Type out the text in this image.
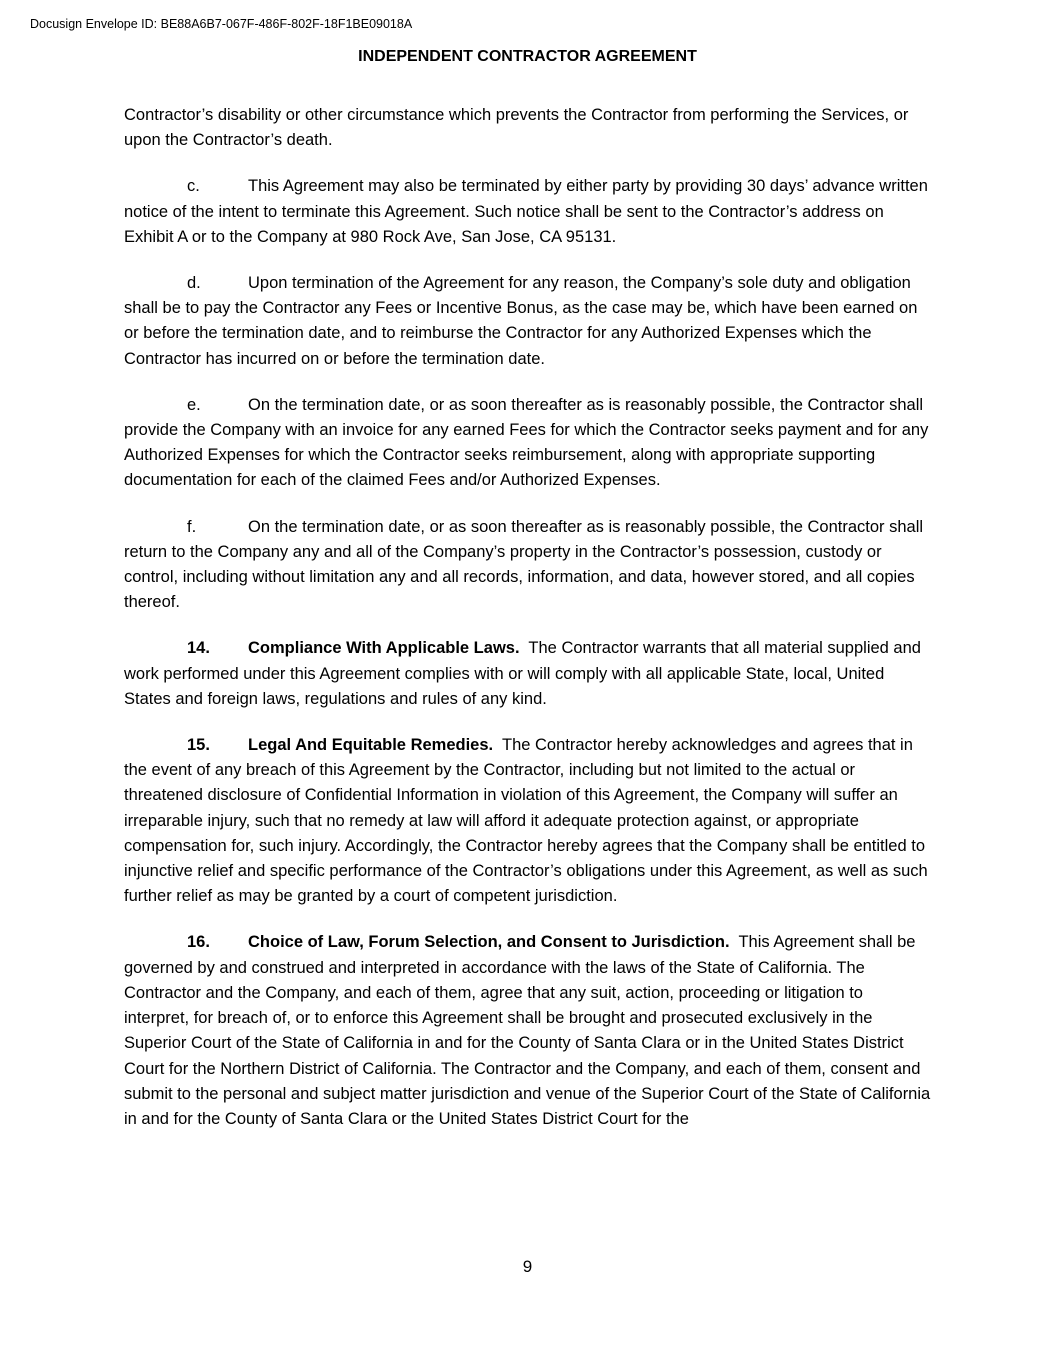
Docusign Envelope ID: BE88A6B7-067F-486F-802F-18F1BE09018A
INDEPENDENT CONTRACTOR AGREEMENT

Contractor’s disability or other circumstance which prevents the Contractor from performing the Services, or upon the Contractor’s death.

c.	This Agreement may also be terminated by either party by providing 30 days’ advance written notice of the intent to terminate this Agreement. Such notice shall be sent to the Contractor’s address on Exhibit A or to the Company at 980 Rock Ave, San Jose, CA 95131.

d.	Upon termination of the Agreement for any reason, the Company’s sole duty and obligation shall be to pay the Contractor any Fees or Incentive Bonus, as the case may be, which have been earned on or before the termination date, and to reimburse the Contractor for any Authorized Expenses which the Contractor has incurred on or before the termination date.

e.	On the termination date, or as soon thereafter as is reasonably possible, the Contractor shall provide the Company with an invoice for any earned Fees for which the Contractor seeks payment and for any Authorized Expenses for which the Contractor seeks reimbursement, along with appropriate supporting documentation for each of the claimed Fees and/or Authorized Expenses.

f.	On the termination date, or as soon thereafter as is reasonably possible, the Contractor shall return to the Company any and all of the Company’s property in the Contractor’s possession, custody or control, including without limitation any and all records, information, and data, however stored, and all copies thereof.

14. Compliance With Applicable Laws. The Contractor warrants that all material supplied and work performed under this Agreement complies with or will comply with all applicable State, local, United States and foreign laws, regulations and rules of any kind.

15. Legal And Equitable Remedies. The Contractor hereby acknowledges and agrees that in the event of any breach of this Agreement by the Contractor, including but not limited to the actual or threatened disclosure of Confidential Information in violation of this Agreement, the Company will suffer an irreparable injury, such that no remedy at law will afford it adequate protection against, or appropriate compensation for, such injury. Accordingly, the Contractor hereby agrees that the Company shall be entitled to injunctive relief and specific performance of the Contractor’s obligations under this Agreement, as well as such further relief as may be granted by a court of competent jurisdiction.

16. Choice of Law, Forum Selection, and Consent to Jurisdiction. This Agreement shall be governed by and construed and interpreted in accordance with the laws of the State of California. The Contractor and the Company, and each of them, agree that any suit, action, proceeding or litigation to interpret, for breach of, or to enforce this Agreement shall be brought and prosecuted exclusively in the Superior Court of the State of California in and for the County of Santa Clara or in the United States District Court for the Northern District of California. The Contractor and the Company, and each of them, consent and submit to the personal and subject matter jurisdiction and venue of the Superior Court of the State of California in and for the County of Santa Clara or the United States District Court for the

9
